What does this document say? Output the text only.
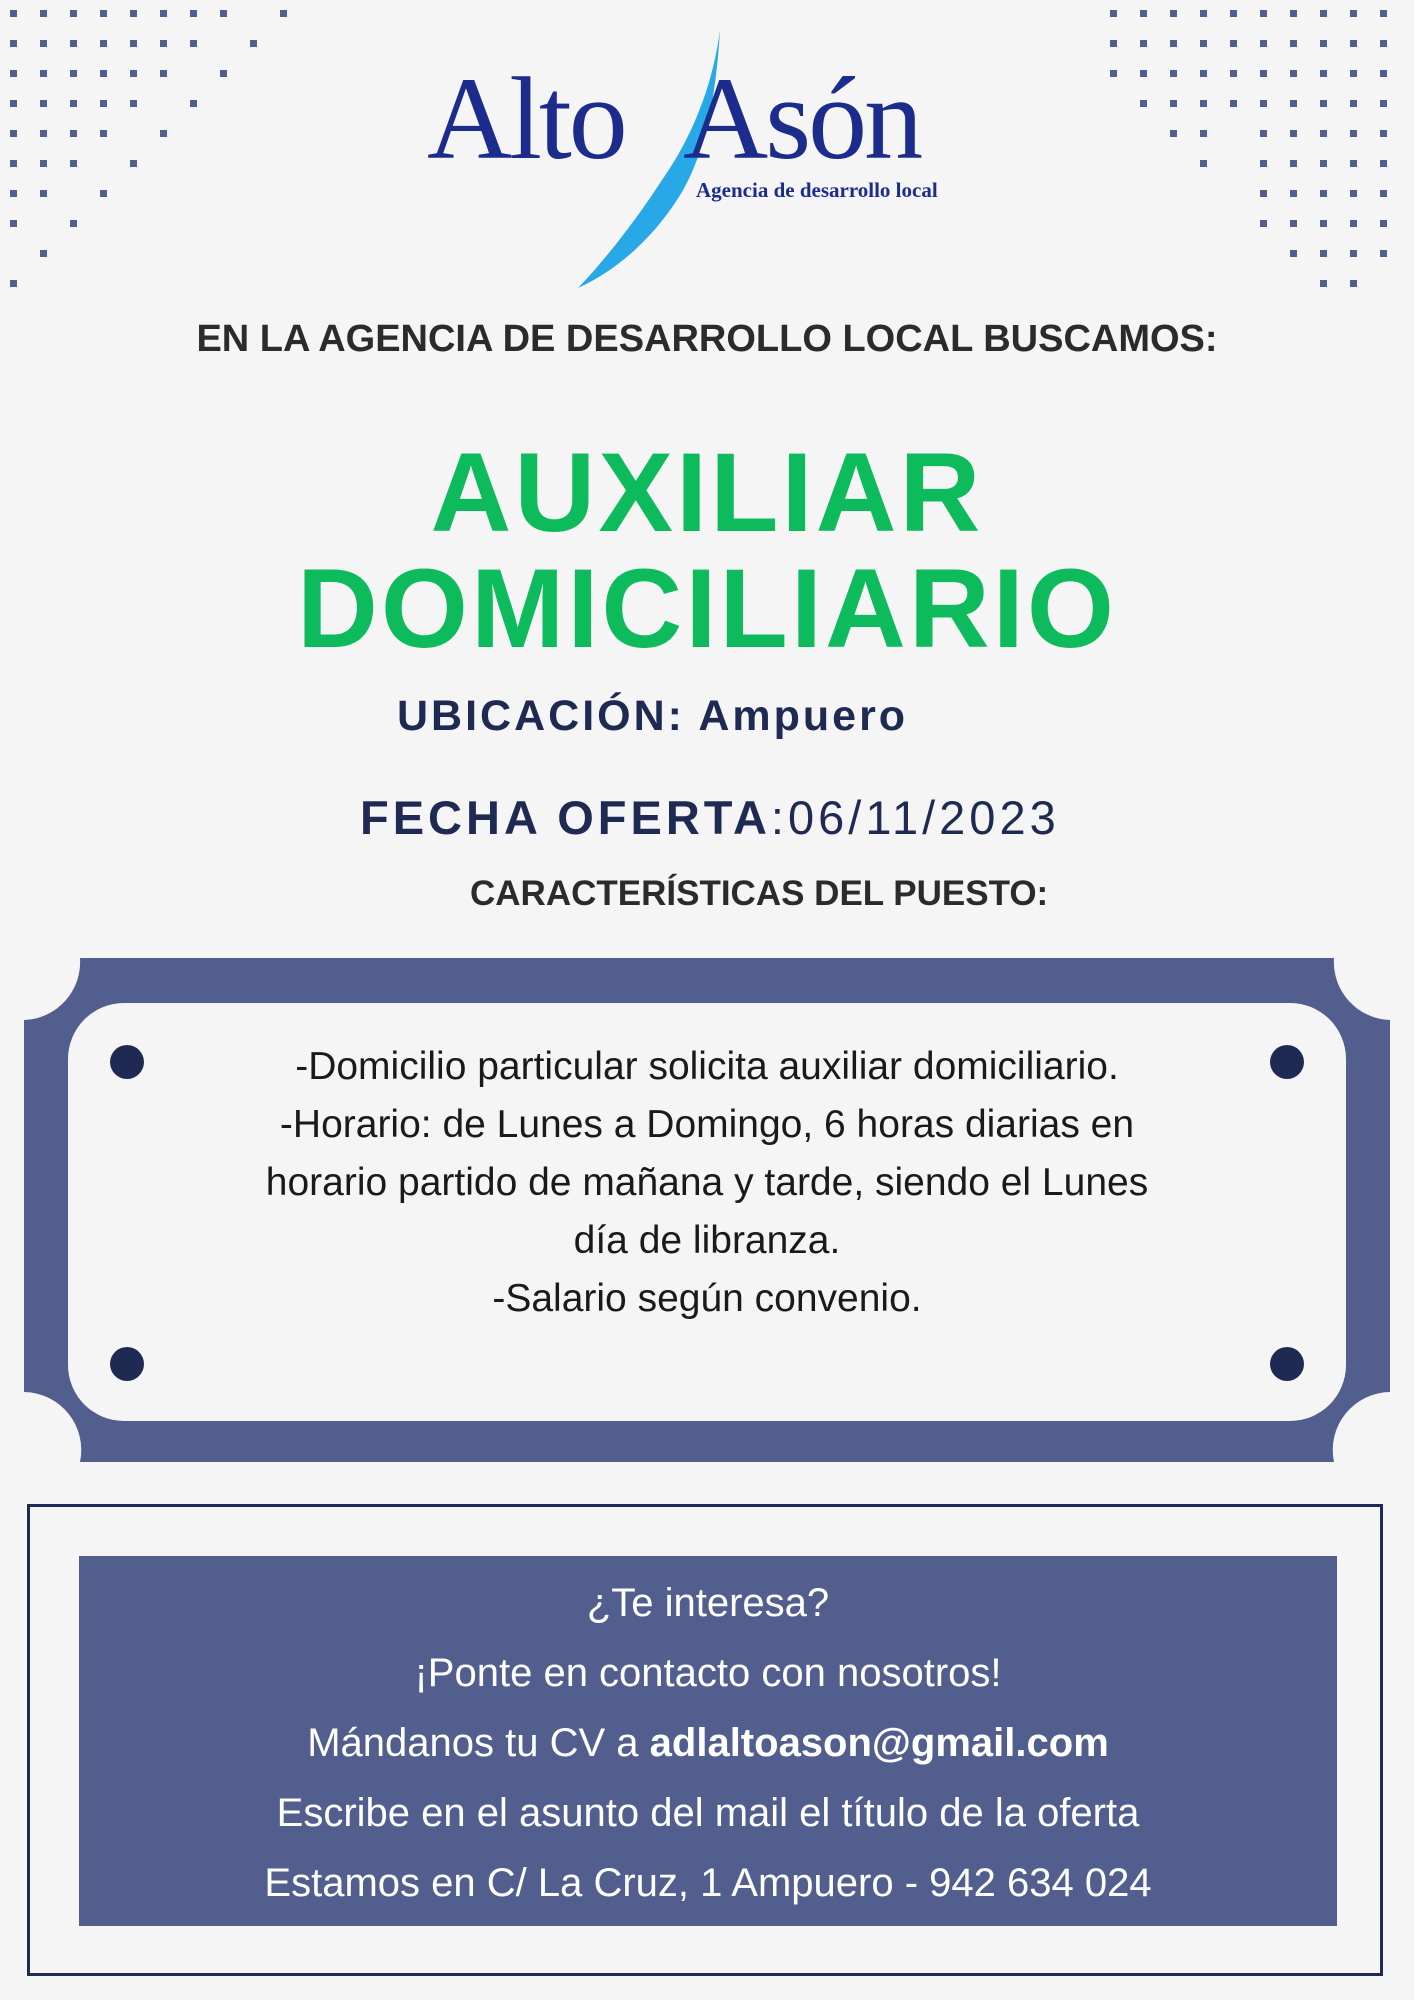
Alto Asón
Agencia de desarrollo local
EN LA AGENCIA DE DESARROLLO LOCAL BUSCAMOS:
AUXILIAR
DOMICILIARIO
UBICACIÓN: Ampuero
FECHA OFERTA:06/11/2023
CARACTERÍSTICAS DEL PUESTO:
-Domicilio particular solicita auxiliar domiciliario.
-Horario: de Lunes a Domingo, 6 horas diarias en
horario partido de mañana y tarde, siendo el Lunes
día de libranza.
-Salario según convenio.
¿Te interesa?
¡Ponte en contacto con nosotros!
Mándanos tu CV a adlaltoason@gmail.com
Escribe en el asunto del mail el título de la oferta
Estamos en C/ La Cruz, 1 Ampuero - 942 634 024
